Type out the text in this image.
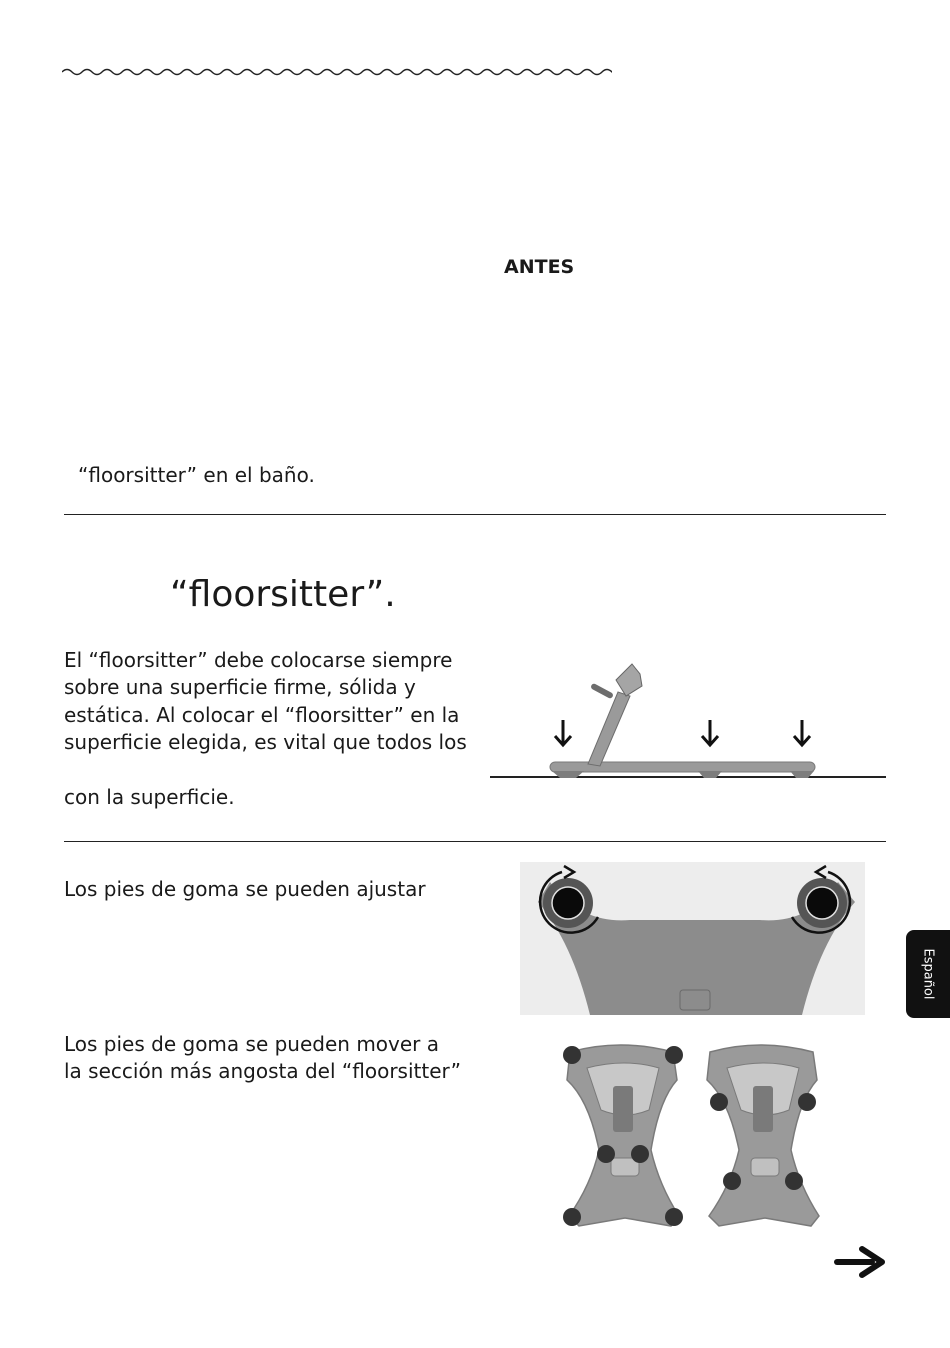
ANTES
“floorsitter” en el baño.
“floorsitter”.
El “floorsitter” debe colocarse siempre
sobre una superficie firme, sólida y
estática. Al colocar el “floorsitter” en la
superficie elegida, es vital que todos los
con la superficie.
Los pies de goma se pueden ajustar
Los pies de goma se pueden mover a
la sección más angosta del “floorsitter”
Español
